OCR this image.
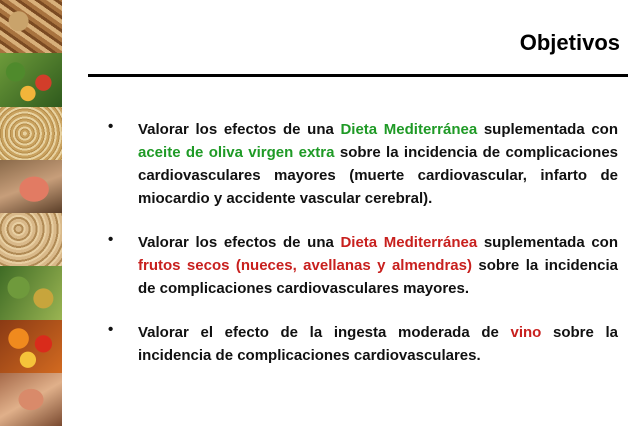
Objetivos
• Valorar los efectos de una Dieta Mediterránea suplementada con aceite de oliva virgen extra sobre la incidencia de complicaciones cardiovasculares mayores (muerte cardiovascular, infarto de miocardio y accidente vascular cerebral).

• Valorar los efectos de una Dieta Mediterránea suplementada con frutos secos (nueces, avellanas y almendras) sobre la incidencia de complicaciones cardiovasculares mayores.

• Valorar el efecto de la ingesta moderada de vino sobre la incidencia de complicaciones cardiovasculares.
